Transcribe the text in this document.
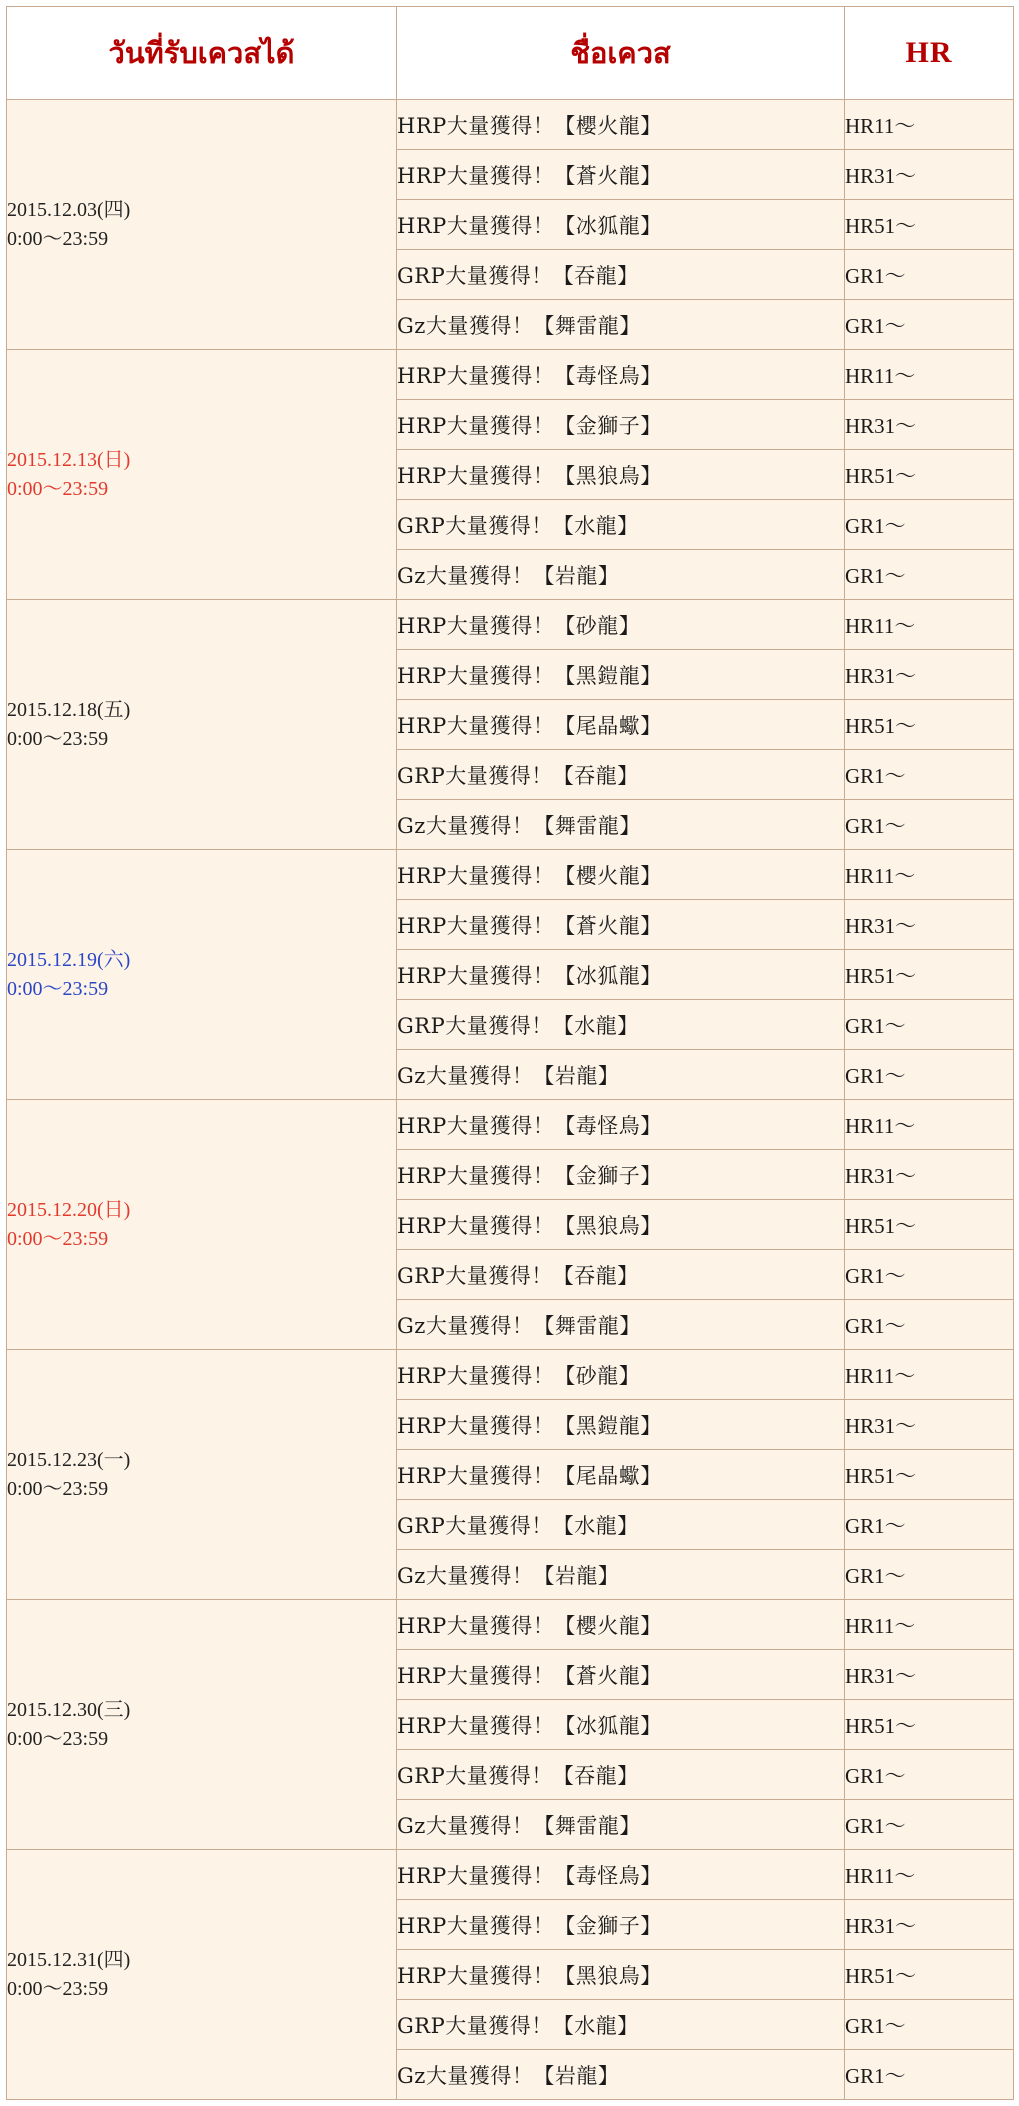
วันที่รับเควสได้	ชื่อเควส	HR

2015.12.03(四)
0:00〜23:59	HRP大量獲得！【櫻火龍】	HR11〜
	HRP大量獲得！【蒼火龍】	HR31〜
	HRP大量獲得！【冰狐龍】	HR51〜
	GRP大量獲得！【吞龍】	GR1〜
	Gz大量獲得！【舞雷龍】	GR1〜

2015.12.13(日)
0:00〜23:59	HRP大量獲得！【毒怪鳥】	HR11〜
	HRP大量獲得！【金獅子】	HR31〜
	HRP大量獲得！【黑狼鳥】	HR51〜
	GRP大量獲得！【水龍】	GR1〜
	Gz大量獲得！【岩龍】	GR1〜

2015.12.18(五)
0:00〜23:59	HRP大量獲得！【砂龍】	HR11〜
	HRP大量獲得！【黑鎧龍】	HR31〜
	HRP大量獲得！【尾晶蠍】	HR51〜
	GRP大量獲得！【吞龍】	GR1〜
	Gz大量獲得！【舞雷龍】	GR1〜

2015.12.19(六)
0:00〜23:59	HRP大量獲得！【櫻火龍】	HR11〜
	HRP大量獲得！【蒼火龍】	HR31〜
	HRP大量獲得！【冰狐龍】	HR51〜
	GRP大量獲得！【水龍】	GR1〜
	Gz大量獲得！【岩龍】	GR1〜

2015.12.20(日)
0:00〜23:59	HRP大量獲得！【毒怪鳥】	HR11〜
	HRP大量獲得！【金獅子】	HR31〜
	HRP大量獲得！【黑狼鳥】	HR51〜
	GRP大量獲得！【吞龍】	GR1〜
	Gz大量獲得！【舞雷龍】	GR1〜

2015.12.23(一)
0:00〜23:59	HRP大量獲得！【砂龍】	HR11〜
	HRP大量獲得！【黑鎧龍】	HR31〜
	HRP大量獲得！【尾晶蠍】	HR51〜
	GRP大量獲得！【水龍】	GR1〜
	Gz大量獲得！【岩龍】	GR1〜

2015.12.30(三)
0:00〜23:59	HRP大量獲得！【櫻火龍】	HR11〜
	HRP大量獲得！【蒼火龍】	HR31〜
	HRP大量獲得！【冰狐龍】	HR51〜
	GRP大量獲得！【吞龍】	GR1〜
	Gz大量獲得！【舞雷龍】	GR1〜

2015.12.31(四)
0:00〜23:59	HRP大量獲得！【毒怪鳥】	HR11〜
	HRP大量獲得！【金獅子】	HR31〜
	HRP大量獲得！【黑狼鳥】	HR51〜
	GRP大量獲得！【水龍】	GR1〜
	Gz大量獲得！【岩龍】	GR1〜
